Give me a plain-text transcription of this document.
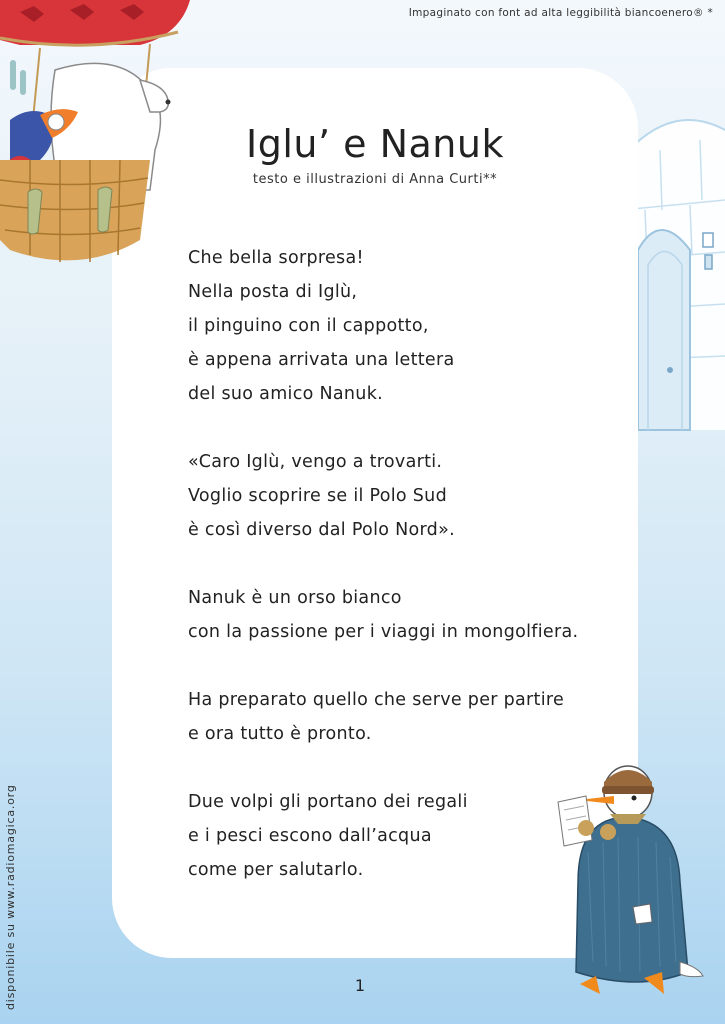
Impaginato con font ad alta leggibilità biancoenero® *
disponibile su www.radiomagica.org
Iglu’ e Nanuk
testo e illustrazioni di Anna Curti**
Che bella sorpresa!
Nella posta di Iglù,
il pinguino con il cappotto,
è appena arrivata una lettera
del suo amico Nanuk.
«Caro Iglù, vengo a trovarti.
Voglio scoprire se il Polo Sud
è così diverso dal Polo Nord».
Nanuk è un orso bianco
con la passione per i viaggi in mongolfiera.
Ha preparato quello che serve per partire
e ora tutto è pronto.
Due volpi gli portano dei regali
e i pesci escono dall’acqua
come per salutarlo.
1
